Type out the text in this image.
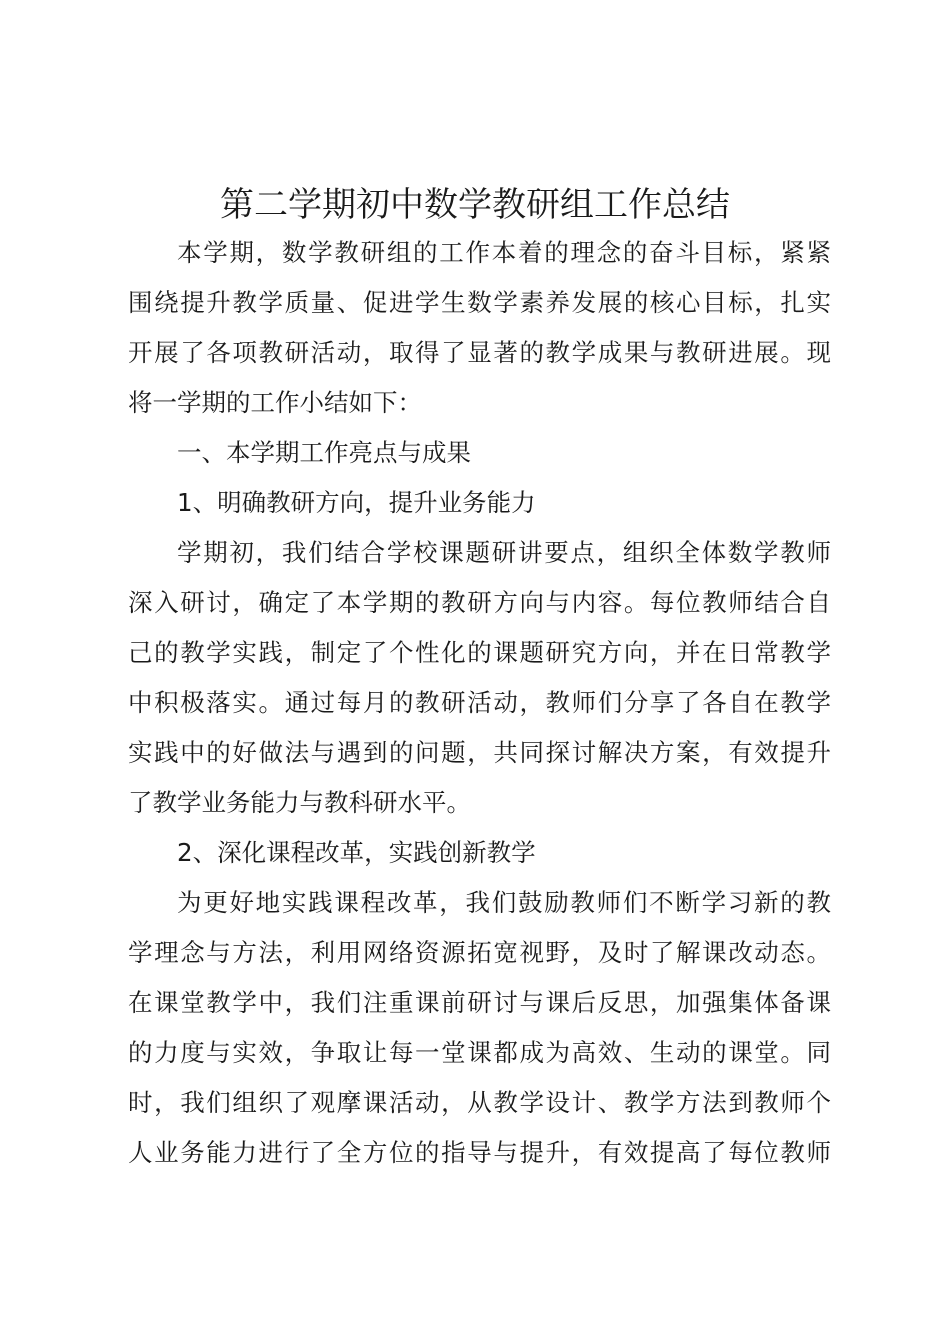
第二学期初中数学教研组工作总结

本学期，数学教研组的工作本着的理念的奋斗目标，紧紧

围绕提升教学质量、促进学生数学素养发展的核心目标，扎实

开展了各项教研活动，取得了显著的教学成果与教研进展。现

将一学期的工作小结如下：

一、本学期工作亮点与成果

1、明确教研方向，提升业务能力

学期初，我们结合学校课题研讲要点，组织全体数学教师

深入研讨，确定了本学期的教研方向与内容。每位教师结合自

己的教学实践，制定了个性化的课题研究方向，并在日常教学

中积极落实。通过每月的教研活动，教师们分享了各自在教学

实践中的好做法与遇到的问题，共同探讨解决方案，有效提升

了教学业务能力与教科研水平。

2、深化课程改革，实践创新教学

为更好地实践课程改革，我们鼓励教师们不断学习新的教

学理念与方法，利用网络资源拓宽视野，及时了解课改动态。

在课堂教学中，我们注重课前研讨与课后反思，加强集体备课

的力度与实效，争取让每一堂课都成为高效、生动的课堂。同

时，我们组织了观摩课活动，从教学设计、教学方法到教师个

人业务能力进行了全方位的指导与提升，有效提高了每位教师
